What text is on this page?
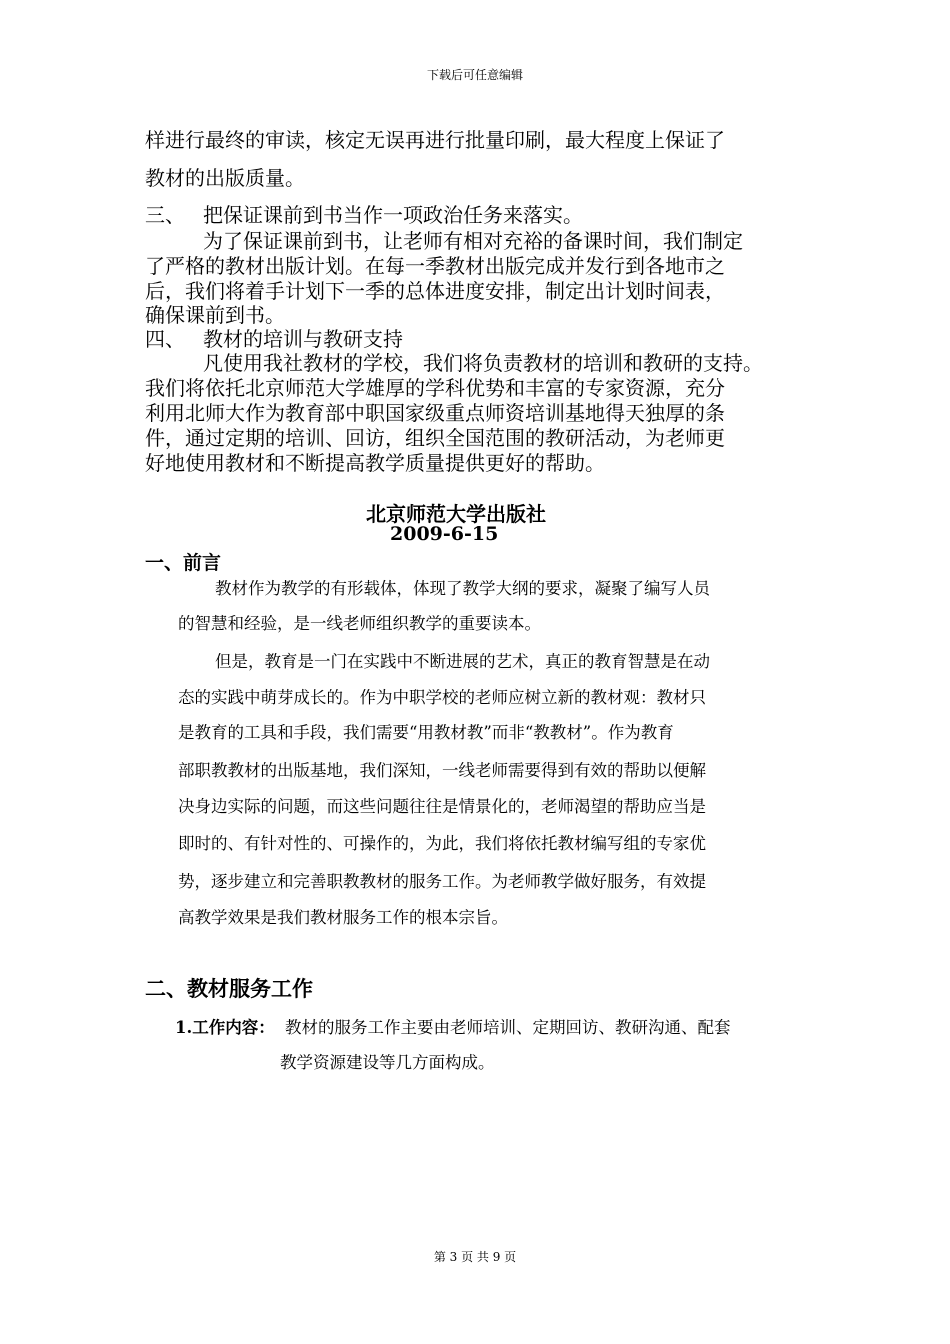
下载后可任意编辑
样进行最终的审读，核定无误再进行批量印刷，最大程度上保证了
教材的出版质量。
三、 把保证课前到书当作一项政治任务来落实。
为了保证课前到书，让老师有相对充裕的备课时间，我们制定
了严格的教材出版计划。在每一季教材出版完成并发行到各地市之
后，我们将着手计划下一季的总体进度安排，制定出计划时间表，
确保课前到书。
四、 教材的培训与教研支持
凡使用我社教材的学校，我们将负责教材的培训和教研的支持。
我们将依托北京师范大学雄厚的学科优势和丰富的专家资源，充分
利用北师大作为教育部中职国家级重点师资培训基地得天独厚的条
件，通过定期的培训、回访，组织全国范围的教研活动，为老师更
好地使用教材和不断提高教学质量提供更好的帮助。
北京师范大学出版社
2009-6-15
一、前言
教材作为教学的有形载体，体现了教学大纲的要求，凝聚了编写人员
的智慧和经验，是一线老师组织教学的重要读本。
但是，教育是一门在实践中不断进展的艺术，真正的教育智慧是在动
态的实践中萌芽成长的。作为中职学校的老师应树立新的教材观：教材只
是教育的工具和手段，我们需要“用教材教”而非“教教材”。作为教育
部职教教材的出版基地，我们深知，一线老师需要得到有效的帮助以便解
决身边实际的问题，而这些问题往往是情景化的，老师渴望的帮助应当是
即时的、有针对性的、可操作的，为此，我们将依托教材编写组的专家优
势，逐步建立和完善职教教材的服务工作。为老师教学做好服务，有效提
高教学效果是我们教材服务工作的根本宗旨。
二、教材服务工作
1.工作内容： 教材的服务工作主要由老师培训、定期回访、教研沟通、配套
教学资源建设等几方面构成。
第 3 页 共 9 页
